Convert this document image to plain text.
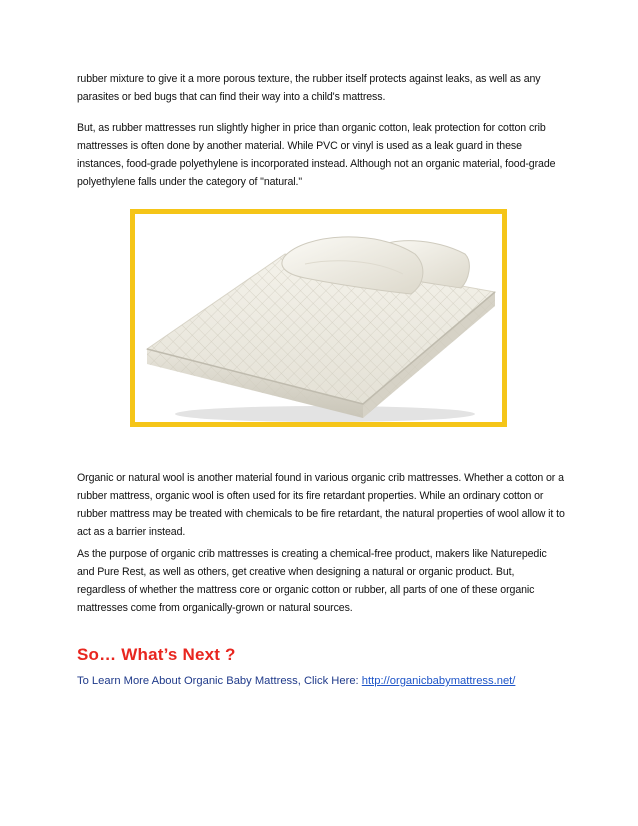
rubber mixture to give it a more porous texture, the rubber itself protects against leaks, as well as any parasites or bed bugs that can find their way into a child's mattress.

But, as rubber mattresses run slightly higher in price than organic cotton, leak protection for cotton crib mattresses is often done by another material. While PVC or vinyl is used as a leak guard in these instances, food-grade polyethylene is incorporated instead. Although not an organic material, food-grade polyethylene falls under the category of "natural."

Organic or natural wool is another material found in various organic crib mattresses. Whether a cotton or a rubber mattress, organic wool is often used for its fire retardant properties. While an ordinary cotton or rubber mattress may be treated with chemicals to be fire retardant, the natural properties of wool allow it to act as a barrier instead.

As the purpose of organic crib mattresses is creating a chemical-free product, makers like Naturepedic and Pure Rest, as well as others, get creative when designing a natural or organic product. But, regardless of whether the mattress core or organic cotton or rubber, all parts of one of these organic mattresses come from organically-grown or natural sources.

So… What’s Next ?

To Learn More About Organic Baby Mattress, Click Here: http://organicbabymattress.net/
